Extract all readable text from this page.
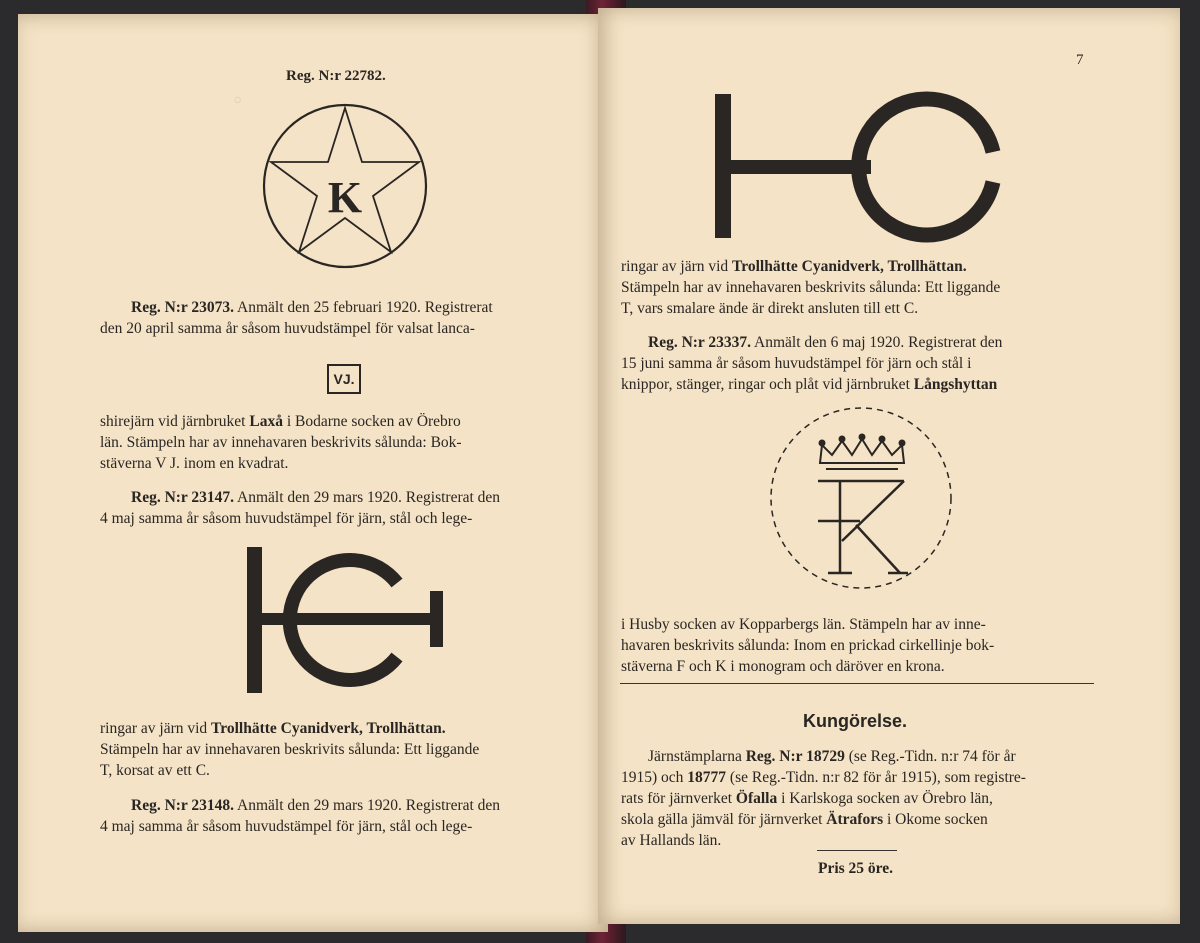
◦

Reg. N:r 22782.

K

Reg. N:r 23073. Anmält den 25 februari 1920. Registrerat

den 20 april samma år såsom huvudstämpel för valsat lanca-

VJ.

shirejärn vid järnbruket Laxå i Bodarne socken av Örebro

län. Stämpeln har av innehavaren beskrivits sålunda: Bok-

stäverna V J. inom en kvadrat.

Reg. N:r 23147. Anmält den 29 mars 1920. Registrerat den

4 maj samma år såsom huvudstämpel för järn, stål och lege-

ringar av järn vid Trollhätte Cyanidverk, Trollhättan.

Stämpeln har av innehavaren beskrivits sålunda: Ett liggande

T, korsat av ett C.

Reg. N:r 23148. Anmält den 29 mars 1920. Registrerat den

4 maj samma år såsom huvudstämpel för järn, stål och lege-

7

ringar av järn vid Trollhätte Cyanidverk, Trollhättan.

Stämpeln har av innehavaren beskrivits sålunda: Ett liggande

T, vars smalare ände är direkt ansluten till ett C.

Reg. N:r 23337. Anmält den 6 maj 1920. Registrerat den

15 juni samma år såsom huvudstämpel för järn och stål i

knippor, stänger, ringar och plåt vid järnbruket Långshyttan

i Husby socken av Kopparbergs län. Stämpeln har av inne-

havaren beskrivits sålunda: Inom en prickad cirkellinje bok-

stäverna F och K i monogram och däröver en krona.

Kungörelse.

Järnstämplarna Reg. N:r 18729 (se Reg.-Tidn. n:r 74 för år

1915) och 18777 (se Reg.-Tidn. n:r 82 för år 1915), som registre-

rats för järnverket Öfalla i Karlskoga socken av Örebro län,

skola gälla jämväl för järnverket Ätrafors i Okome socken

av Hallands län.

Pris 25 öre.
